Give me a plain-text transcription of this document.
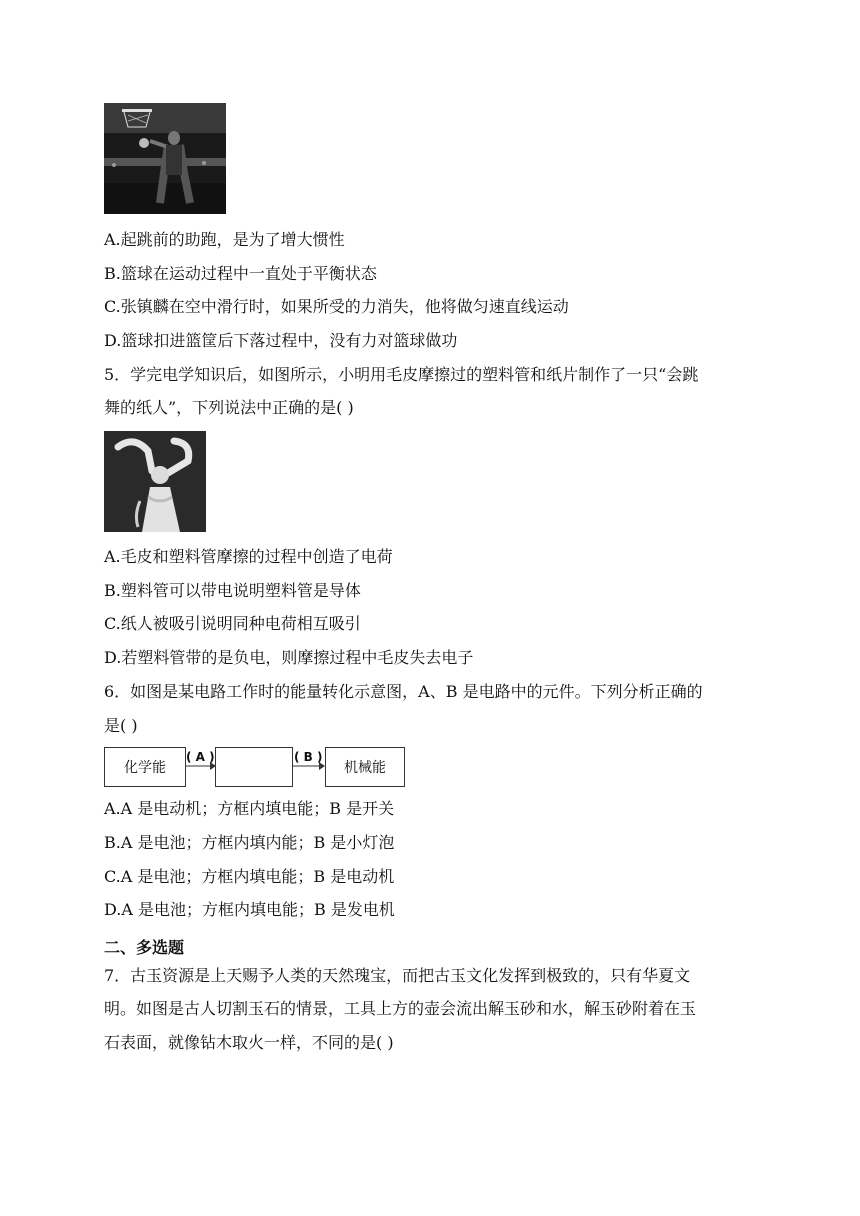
A.起跳前的助跑，是为了增大惯性
B.篮球在运动过程中一直处于平衡状态
C.张镇麟在空中滑行时，如果所受的力消失，他将做匀速直线运动
D.篮球扣进篮筐后下落过程中，没有力对篮球做功
5．学完电学知识后，如图所示，小明用毛皮摩擦过的塑料管和纸片制作了一只“会跳
舞的纸人”，下列说法中正确的是( )
A.毛皮和塑料管摩擦的过程中创造了电荷
B.塑料管可以带电说明塑料管是导体
C.纸人被吸引说明同种电荷相互吸引
D.若塑料管带的是负电，则摩擦过程中毛皮失去电子
6．如图是某电路工作时的能量转化示意图，A、B 是电路中的元件。下列分析正确的
是( )
化学能	机械能
( A )	( B )
A.A 是电动机；方框内填电能；B 是开关
B.A 是电池；方框内填内能；B 是小灯泡
C.A 是电池；方框内填电能；B 是电动机
D.A 是电池；方框内填电能；B 是发电机
二、多选题
7．古玉资源是上天赐予人类的天然瑰宝，而把古玉文化发挥到极致的，只有华夏文
明。如图是古人切割玉石的情景，工具上方的壶会流出解玉砂和水，解玉砂附着在玉
石表面，就像钻木取火一样，不同的是( )
